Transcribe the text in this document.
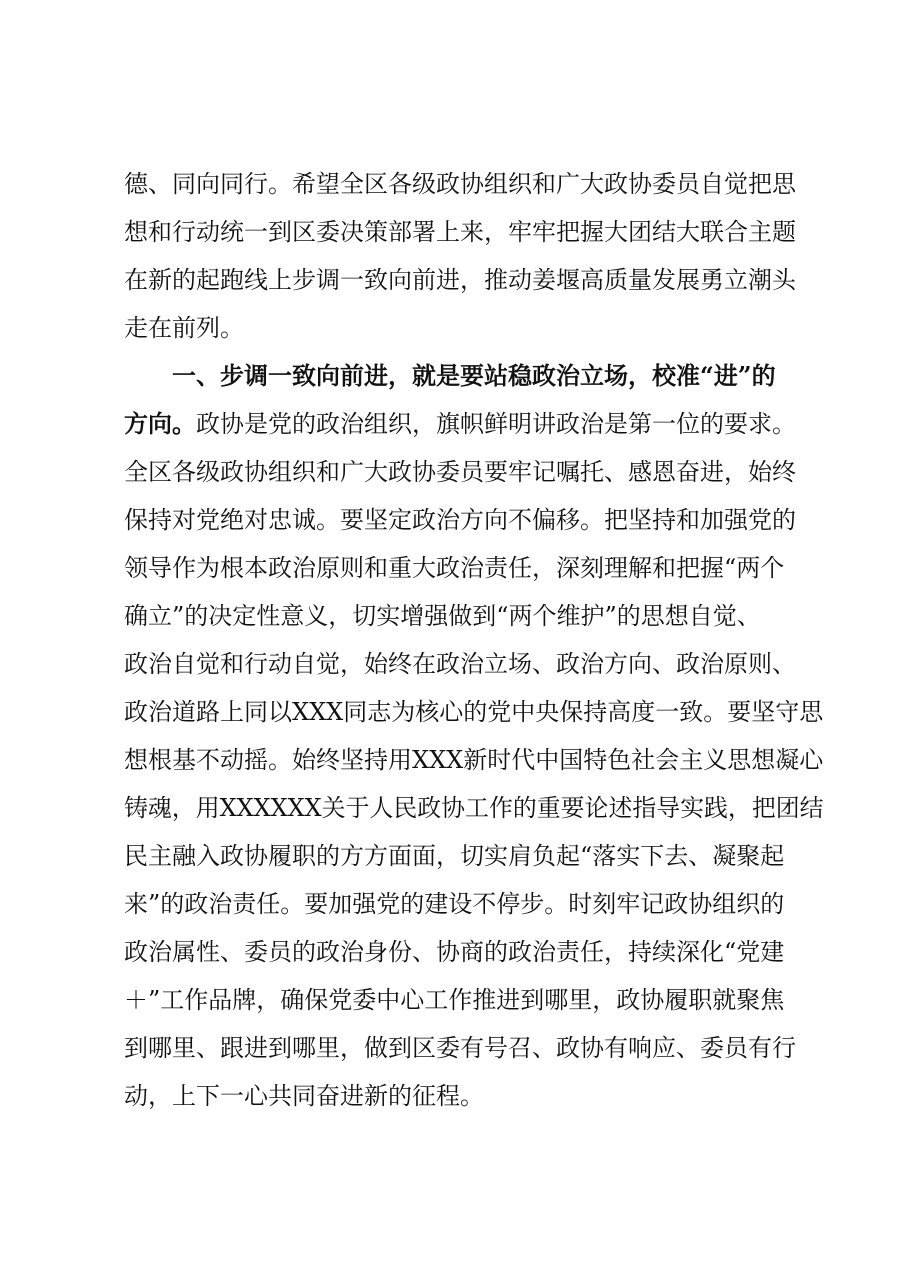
德、同向同行。希望全区各级政协组织和广大政协委员自觉把思
想和行动统一到区委决策部署上来，牢牢把握大团结大联合主题
在新的起跑线上步调一致向前进，推动姜堰高质量发展勇立潮头
走在前列。
一、步调一致向前进，就是要站稳政治立场，校准“进”的
方向。政协是党的政治组织，旗帜鲜明讲政治是第一位的要求。
全区各级政协组织和广大政协委员要牢记嘱托、感恩奋进，始终
保持对党绝对忠诚。要坚定政治方向不偏移。把坚持和加强党的
领导作为根本政治原则和重大政治责任，深刻理解和把握“两个
确立”的决定性意义，切实增强做到“两个维护”的思想自觉、
政治自觉和行动自觉，始终在政治立场、政治方向、政治原则、
政治道路上同以XXX同志为核心的党中央保持高度一致。要坚守思
想根基不动摇。始终坚持用XXX新时代中国特色社会主义思想凝心
铸魂，用XXXXXX关于人民政协工作的重要论述指导实践，把团结
民主融入政协履职的方方面面，切实肩负起“落实下去、凝聚起
来”的政治责任。要加强党的建设不停步。时刻牢记政协组织的
政治属性、委员的政治身份、协商的政治责任，持续深化“党建
＋”工作品牌，确保党委中心工作推进到哪里，政协履职就聚焦
到哪里、跟进到哪里，做到区委有号召、政协有响应、委员有行
动，上下一心共同奋进新的征程。
